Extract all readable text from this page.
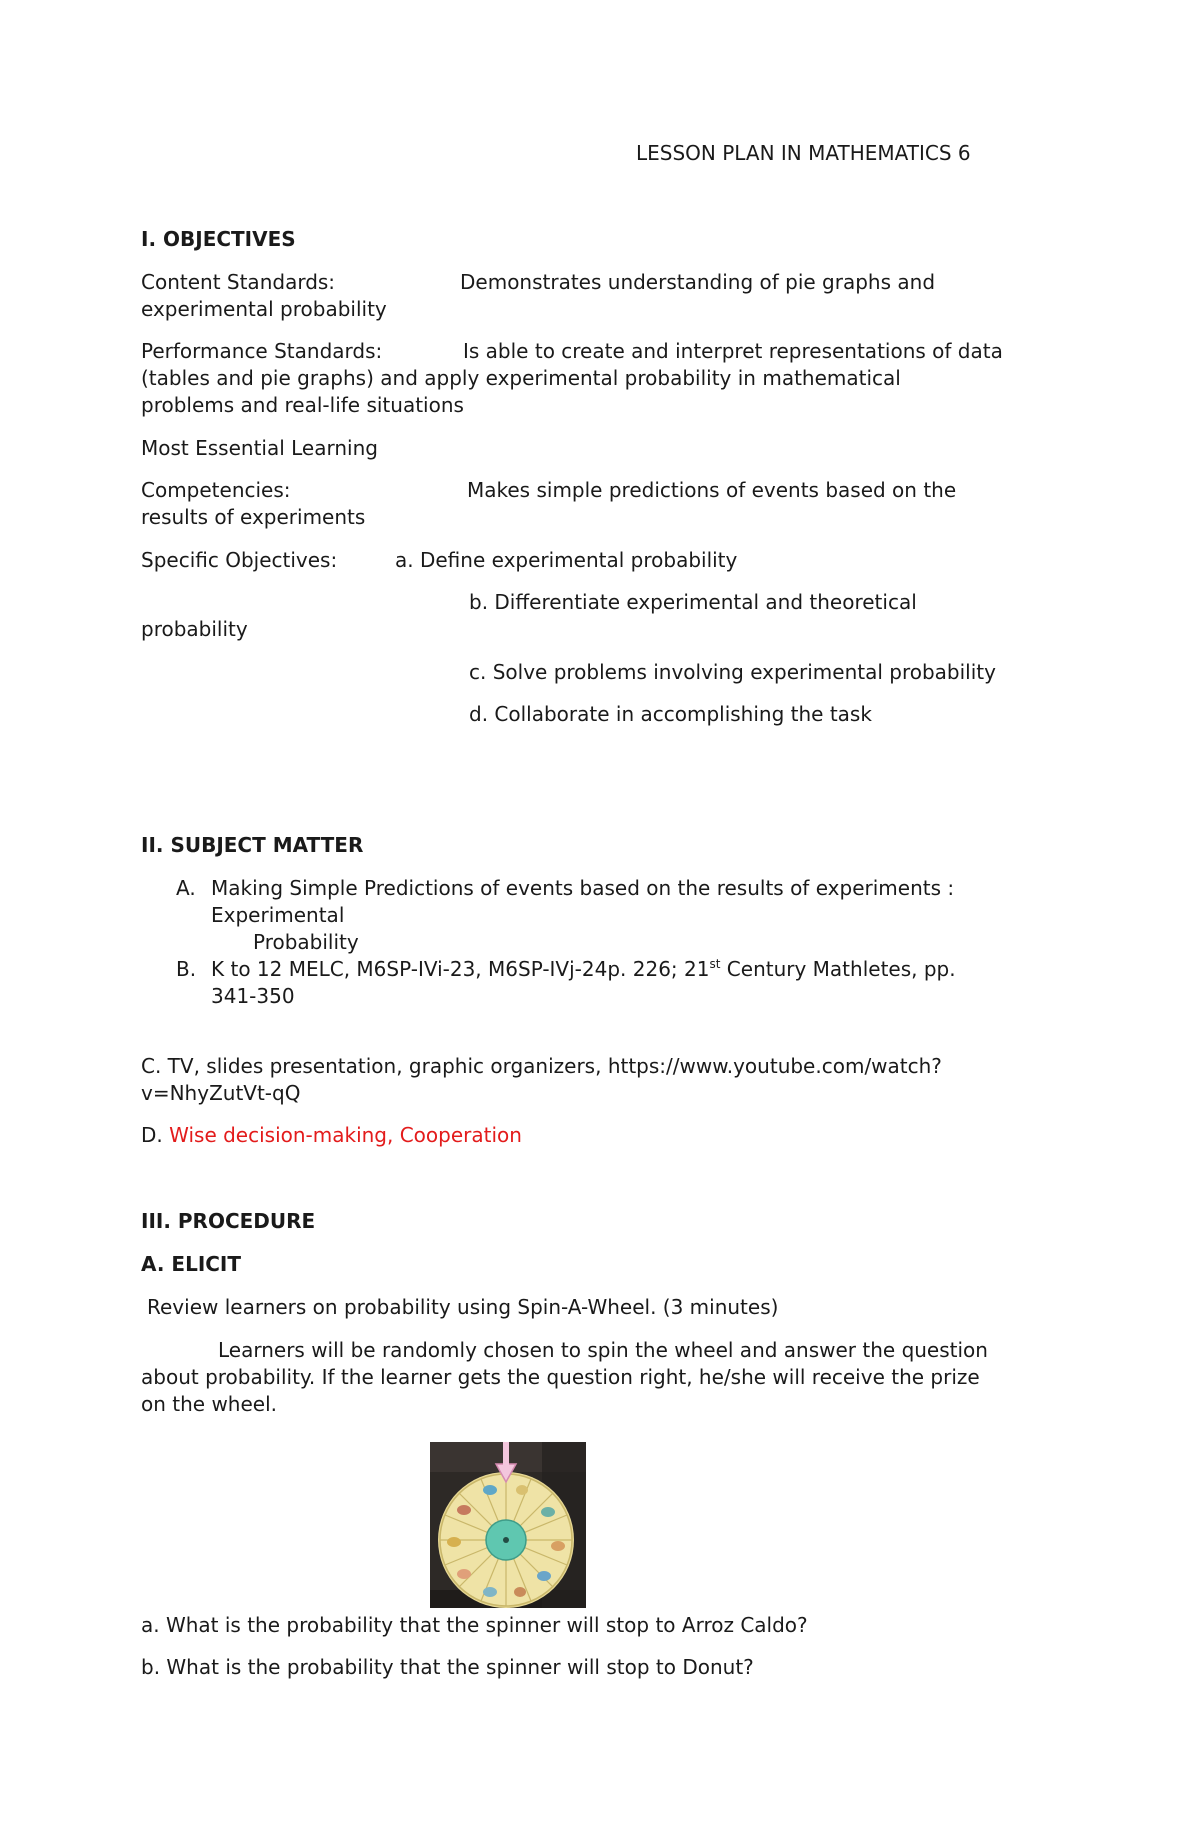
LESSON PLAN IN MATHEMATICS 6
I. OBJECTIVES
Content Standards:	Demonstrates understanding of pie graphs and
experimental probability
Performance Standards:	Is able to create and interpret representations of data
(tables and pie graphs) and apply experimental probability in mathematical
problems and real-life situations
Most Essential Learning
Competencies:	Makes simple predictions of events based on the
results of experiments
Specific Objectives:	a. Define experimental probability
b. Differentiate experimental and theoretical
probability
c. Solve problems involving experimental probability
d. Collaborate in accomplishing the task
II. SUBJECT MATTER
A. Making Simple Predictions of events based on the results of experiments :
Experimental
Probability
B. K to 12 MELC, M6SP-IVi-23, M6SP-IVj-24p. 226; 21st Century Mathletes, pp.
341-350
C. TV, slides presentation, graphic organizers, https://www.youtube.com/watch?
v=NhyZutVt-qQ
D. Wise decision-making, Cooperation
III. PROCEDURE
A. ELICIT
Review learners on probability using Spin-A-Wheel. (3 minutes)
Learners will be randomly chosen to spin the wheel and answer the question
about probability. If the learner gets the question right, he/she will receive the prize
on the wheel.
a. What is the probability that the spinner will stop to Arroz Caldo?
b. What is the probability that the spinner will stop to Donut?
